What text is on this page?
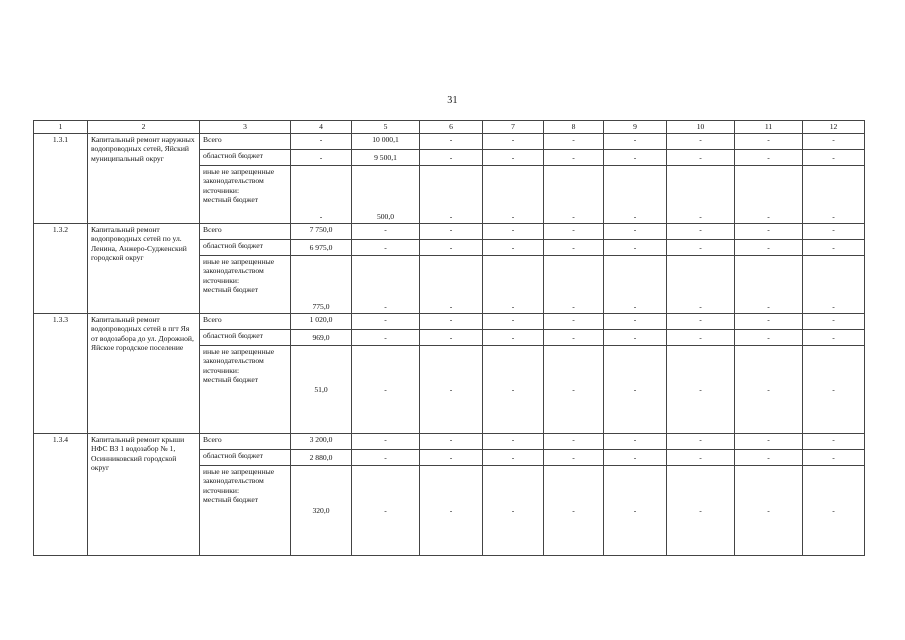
31
1	2	3	4	5	6	7	8	9	10	11	12
1.3.1	Капитальный ремонт наружных водопроводных сетей, Яйский муниципальный округ	Всего	-	10 000,1	-	-	-	-	-	-	-
		областной бюджет	-	9 500,1	-	-	-	-	-	-	-

		иные не запрещенные законодательством источники:
местный бюджет	-	500,0	-	-	-	-	-	-	-
1.3.2	Капитальный ремонт водопроводных сетей по ул. Ленина, Анжеро-Судженский городской округ	Всего	7 750,0	-	-	-	-	-	-	-	-
		областной бюджет	6 975,0	-	-	-	-	-	-	-	-

		иные не запрещенные законодательством источники:
местный бюджет	775,0	-	-	-	-	-	-	-	-
1.3.3	Капитальный ремонт водопроводных сетей в пгт Яя от водозабора до ул. Дорожной, Яйское городское поселение	Всего	1 020,0	-	-	-	-	-	-	-	-
		областной бюджет	969,0	-	-	-	-	-	-	-	-

		иные не запрещенные законодательством источники:
местный бюджет	51,0	-	-	-	-	-	-	-	-
1.3.4	Капитальный ремонт крыши НФС ВЗ 1 водозабор № 1, Осинниковский городской округ	Всего	3 200,0	-	-	-	-	-	-	-	-
		областной бюджет	2 880,0	-	-	-	-	-	-	-	-

		иные не запрещенные законодательством источники:
местный бюджет	320,0	-	-	-	-	-	-	-	-
